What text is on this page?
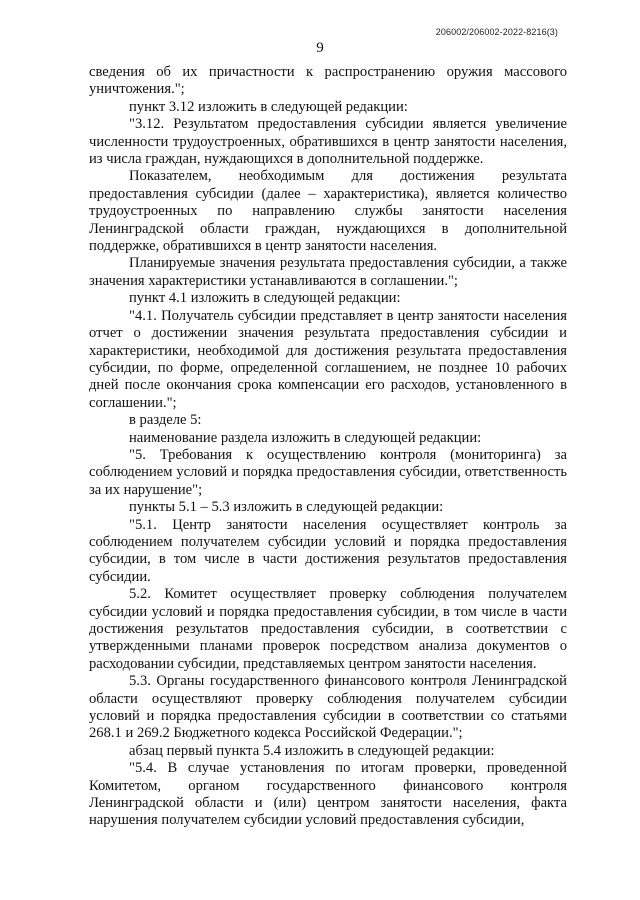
206002/206002-2022-8216(3)
9

сведения об их причастности к распространению оружия массового уничтожения.";

пункт 3.12 изложить в следующей редакции:

"3.12. Результатом предоставления субсидии является увеличение численности трудоустроенных, обратившихся в центр занятости населения, из числа граждан, нуждающихся в дополнительной поддержке.

Показателем, необходимым для достижения результата предоставления субсидии (далее – характеристика), является количество трудоустроенных по направлению службы занятости населения Ленинградской области граждан, нуждающихся в дополнительной поддержке, обратившихся в центр занятости населения.

Планируемые значения результата предоставления субсидии, а также значения характеристики устанавливаются в соглашении.";

пункт 4.1 изложить в следующей редакции:

"4.1. Получатель субсидии представляет в центр занятости населения отчет о достижении значения результата предоставления субсидии и характеристики, необходимой для достижения результата предоставления субсидии, по форме, определенной соглашением, не позднее 10 рабочих дней после окончания срока компенсации его расходов, установленного в соглашении.";

в разделе 5:

наименование раздела изложить в следующей редакции:

"5. Требования к осуществлению контроля (мониторинга) за соблюдением условий и порядка предоставления субсидии, ответственность за их нарушение";

пункты 5.1 – 5.3 изложить в следующей редакции:

"5.1. Центр занятости населения осуществляет контроль за соблюдением получателем субсидии условий и порядка предоставления субсидии, в том числе в части достижения результатов предоставления субсидии.

5.2. Комитет осуществляет проверку соблюдения получателем субсидии условий и порядка предоставления субсидии, в том числе в части достижения результатов предоставления субсидии, в соответствии с утвержденными планами проверок посредством анализа документов о расходовании субсидии, представляемых центром занятости населения.

5.3. Органы государственного финансового контроля Ленинградской области осуществляют проверку соблюдения получателем субсидии условий и порядка предоставления субсидии в соответствии со статьями 268.1 и 269.2 Бюджетного кодекса Российской Федерации.";

абзац первый пункта 5.4 изложить в следующей редакции:

"5.4. В случае установления по итогам проверки, проведенной Комитетом, органом государственного финансового контроля Ленинградской области и (или) центром занятости населения, факта нарушения получателем субсидии условий предоставления субсидии,
